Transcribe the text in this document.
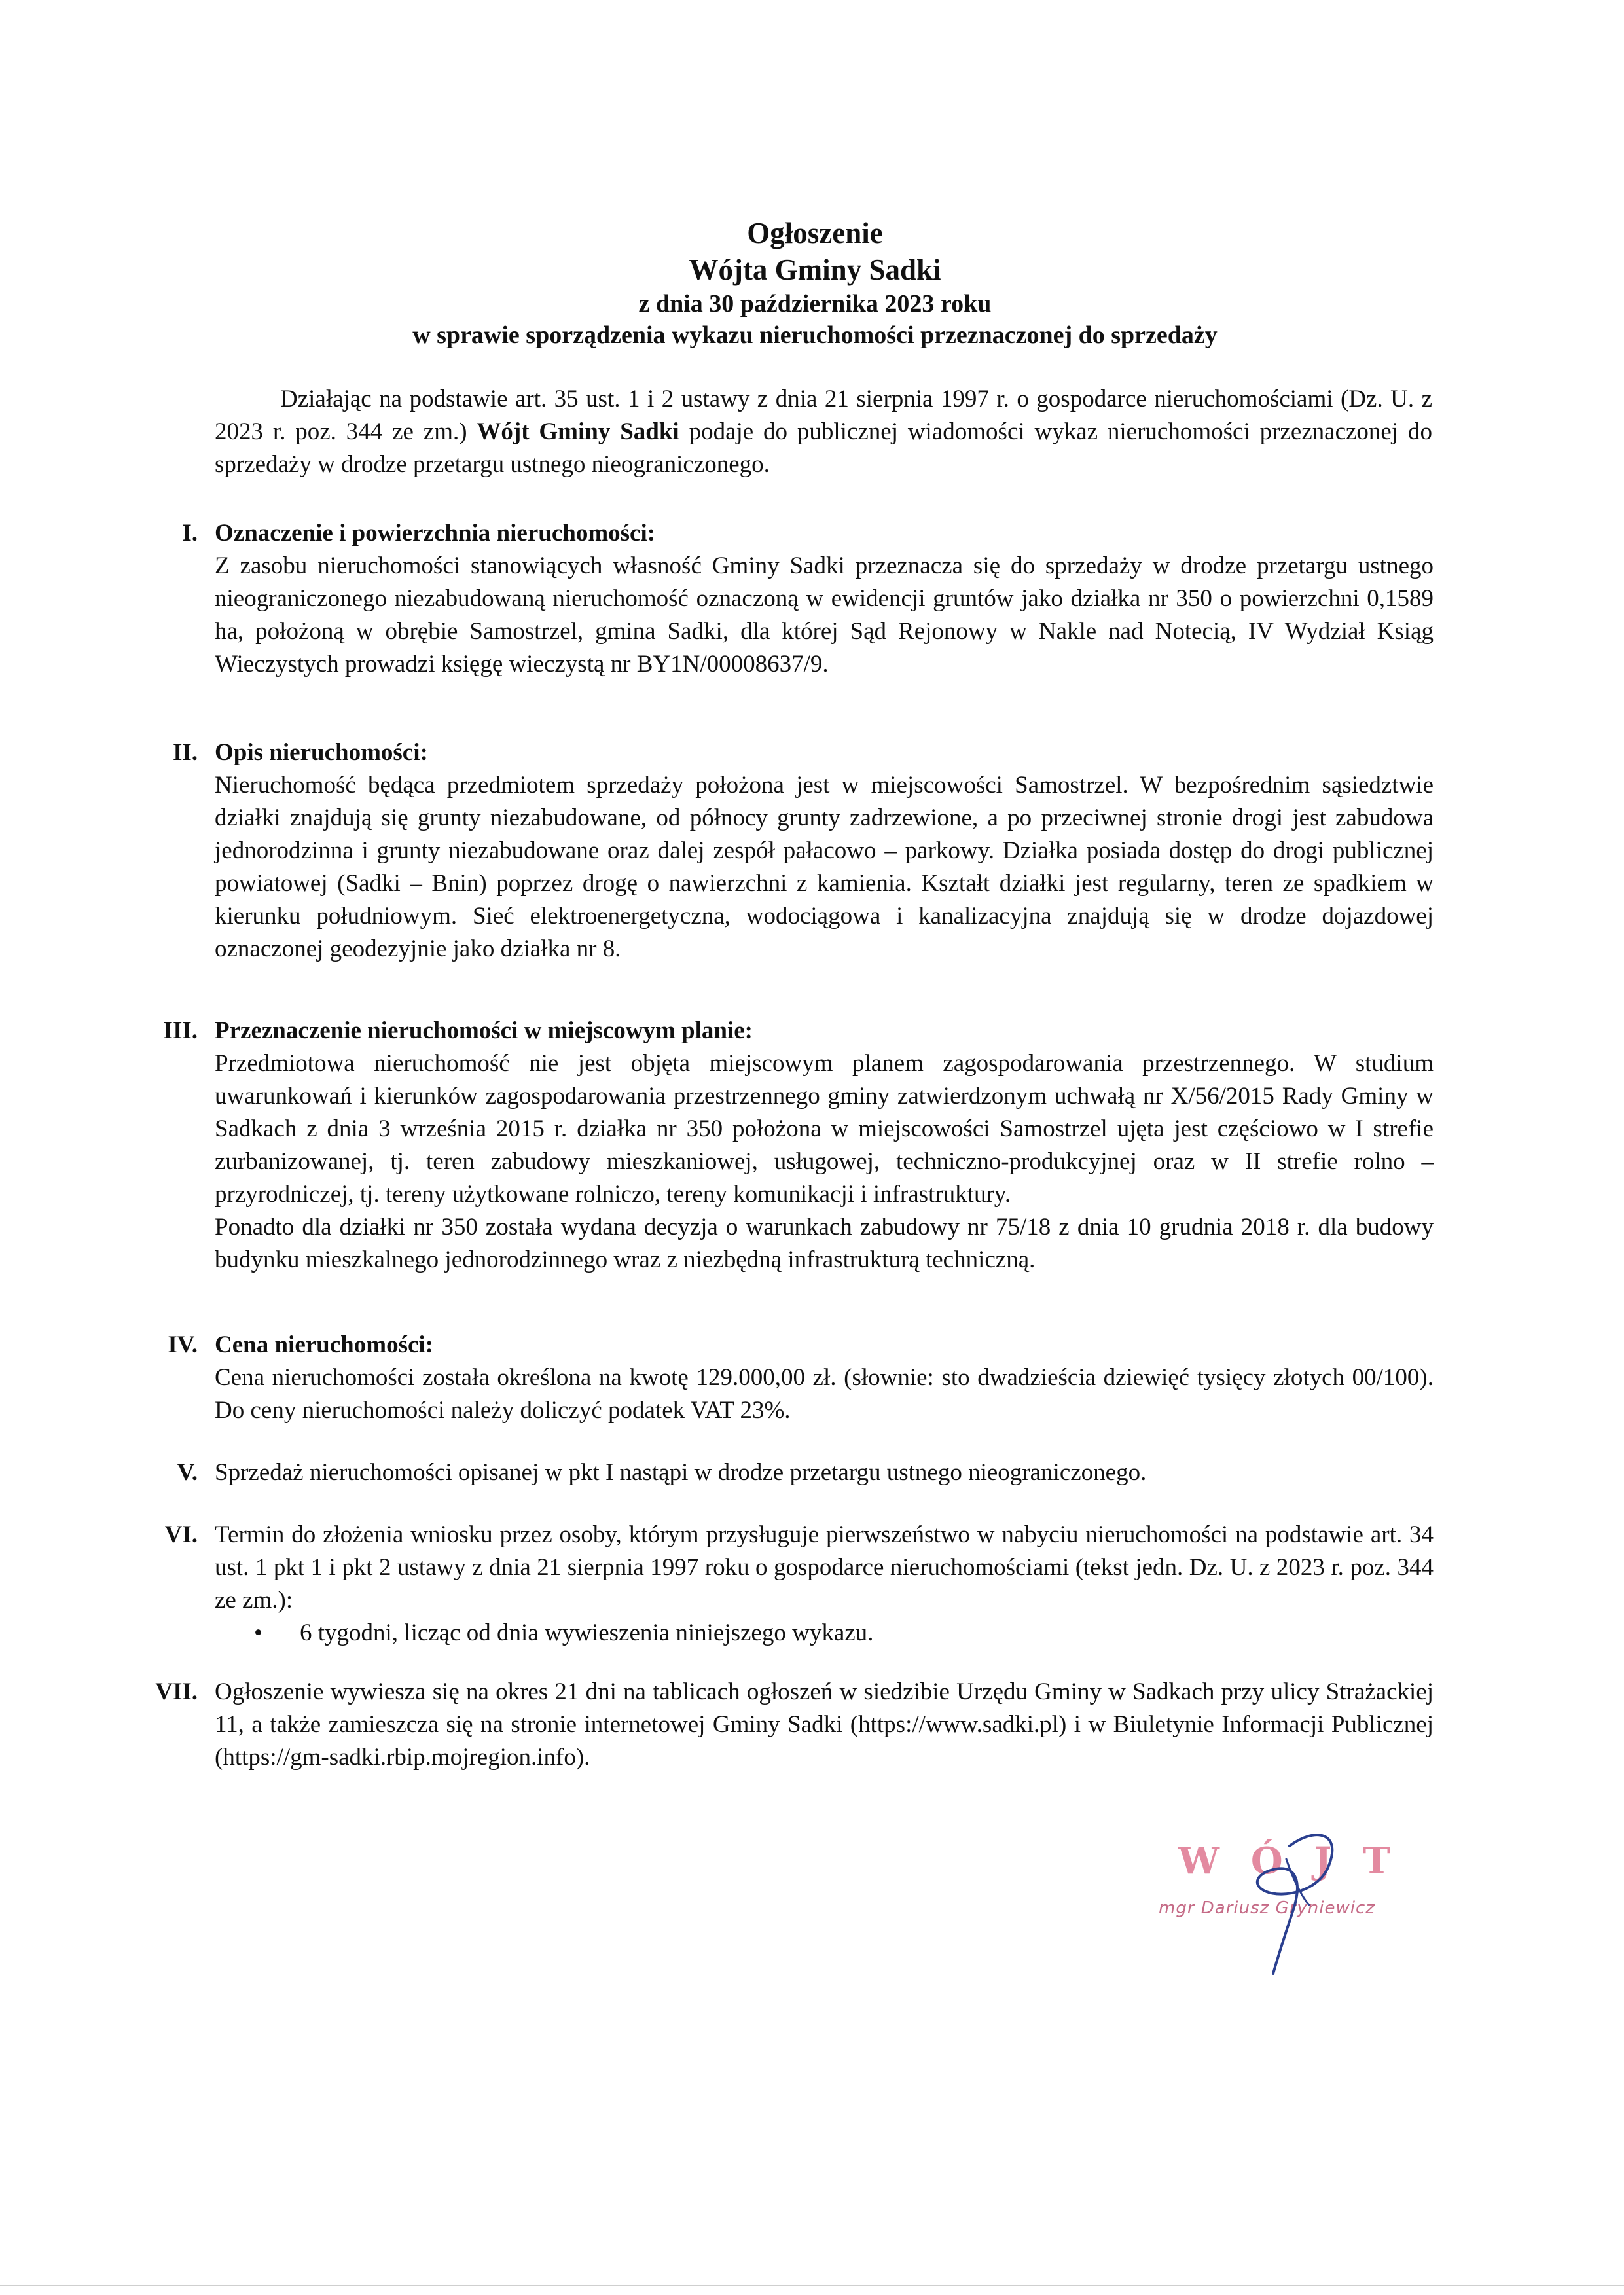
Ogłoszenie
Wójta Gminy Sadki
z dnia 30 października 2023 roku
w sprawie sporządzenia wykazu nieruchomości przeznaczonej do sprzedaży
Działając na podstawie art. 35 ust. 1 i 2 ustawy z dnia 21 sierpnia 1997 r. o gospodarce nieruchomościami (Dz. U. z 2023 r. poz. 344 ze zm.) Wójt Gminy Sadki podaje do publicznej wiadomości wykaz nieruchomości przeznaczonej do sprzedaży w drodze przetargu ustnego nieograniczonego.
I. Oznaczenie i powierzchnia nieruchomości:
Z zasobu nieruchomości stanowiących własność Gminy Sadki przeznacza się do sprzedaży w drodze przetargu ustnego nieograniczonego niezabudowaną nieruchomość oznaczoną w ewidencji gruntów jako działka nr 350 o powierzchni 0,1589 ha, położoną w obrębie Samostrzel, gmina Sadki, dla której Sąd Rejonowy w Nakle nad Notecią, IV Wydział Ksiąg Wieczystych prowadzi księgę wieczystą nr BY1N/00008637/9.
II. Opis nieruchomości:
Nieruchomość będąca przedmiotem sprzedaży położona jest w miejscowości Samostrzel. W bezpośrednim sąsiedztwie działki znajdują się grunty niezabudowane, od północy grunty zadrzewione, a po przeciwnej stronie drogi jest zabudowa jednorodzinna i grunty niezabudowane oraz dalej zespół pałacowo – parkowy. Działka posiada dostęp do drogi publicznej powiatowej (Sadki – Bnin) poprzez drogę o nawierzchni z kamienia. Kształt działki jest regularny, teren ze spadkiem w kierunku południowym. Sieć elektroenergetyczna, wodociągowa i kanalizacyjna znajdują się w drodze dojazdowej oznaczonej geodezyjnie jako działka nr 8.
III. Przeznaczenie nieruchomości w miejscowym planie:
Przedmiotowa nieruchomość nie jest objęta miejscowym planem zagospodarowania przestrzennego. W studium uwarunkowań i kierunków zagospodarowania przestrzennego gminy zatwierdzonym uchwałą nr X/56/2015 Rady Gminy w Sadkach z dnia 3 września 2015 r. działka nr 350 położona w miejscowości Samostrzel ujęta jest częściowo w I strefie zurbanizowanej, tj. teren zabudowy mieszkaniowej, usługowej, techniczno-produkcyjnej oraz w II strefie rolno – przyrodniczej, tj. tereny użytkowane rolniczo, tereny komunikacji i infrastruktury.
Ponadto dla działki nr 350 została wydana decyzja o warunkach zabudowy nr 75/18 z dnia 10 grudnia 2018 r. dla budowy budynku mieszkalnego jednorodzinnego wraz z niezbędną infrastrukturą techniczną.
IV. Cena nieruchomości:
Cena nieruchomości została określona na kwotę 129.000,00 zł. (słownie: sto dwadzieścia dziewięć tysięcy złotych 00/100). Do ceny nieruchomości należy doliczyć podatek VAT 23%.
V. Sprzedaż nieruchomości opisanej w pkt I nastąpi w drodze przetargu ustnego nieograniczonego.
VI. Termin do złożenia wniosku przez osoby, którym przysługuje pierwszeństwo w nabyciu nieruchomości na podstawie art. 34 ust. 1 pkt 1 i pkt 2 ustawy z dnia 21 sierpnia 1997 roku o gospodarce nieruchomościami (tekst jedn. Dz. U. z 2023 r. poz. 344 ze zm.):
• 6 tygodni, licząc od dnia wywieszenia niniejszego wykazu.
VII. Ogłoszenie wywiesza się na okres 21 dni na tablicach ogłoszeń w siedzibie Urzędu Gminy w Sadkach przy ulicy Strażackiej 11, a także zamieszcza się na stronie internetowej Gminy Sadki (https://www.sadki.pl) i w Biuletynie Informacji Publicznej (https://gm-sadki.rbip.mojregion.info).
WÓJT
mgr Dariusz Gryniewicz
